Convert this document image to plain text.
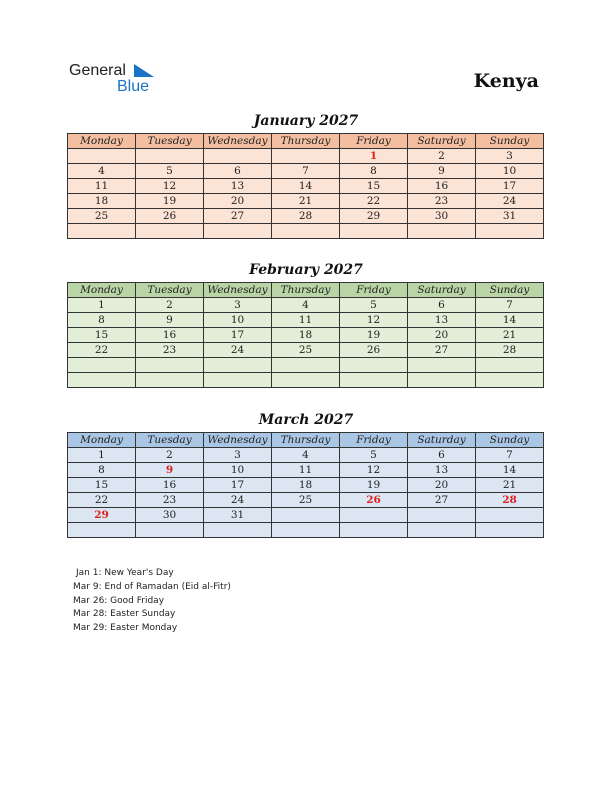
General
Blue	Kenya
January 2027
Monday	Tuesday	Wednesday	Thursday	Friday	Saturday	Sunday
				1	2	3
4	5	6	7	8	9	10
11	12	13	14	15	16	17
18	19	20	21	22	23	24
25	26	27	28	29	30	31

February 2027
Monday	Tuesday	Wednesday	Thursday	Friday	Saturday	Sunday
1	2	3	4	5	6	7
8	9	10	11	12	13	14
15	16	17	18	19	20	21
22	23	24	25	26	27	28

March 2027
Monday	Tuesday	Wednesday	Thursday	Friday	Saturday	Sunday
1	2	3	4	5	6	7
8	9	10	11	12	13	14
15	16	17	18	19	20	21
22	23	24	25	26	27	28
29	30	31				

Jan 1: New Year's Day
Mar 9: End of Ramadan (Eid al-Fitr)
Mar 26: Good Friday
Mar 28: Easter Sunday
Mar 29: Easter Monday
